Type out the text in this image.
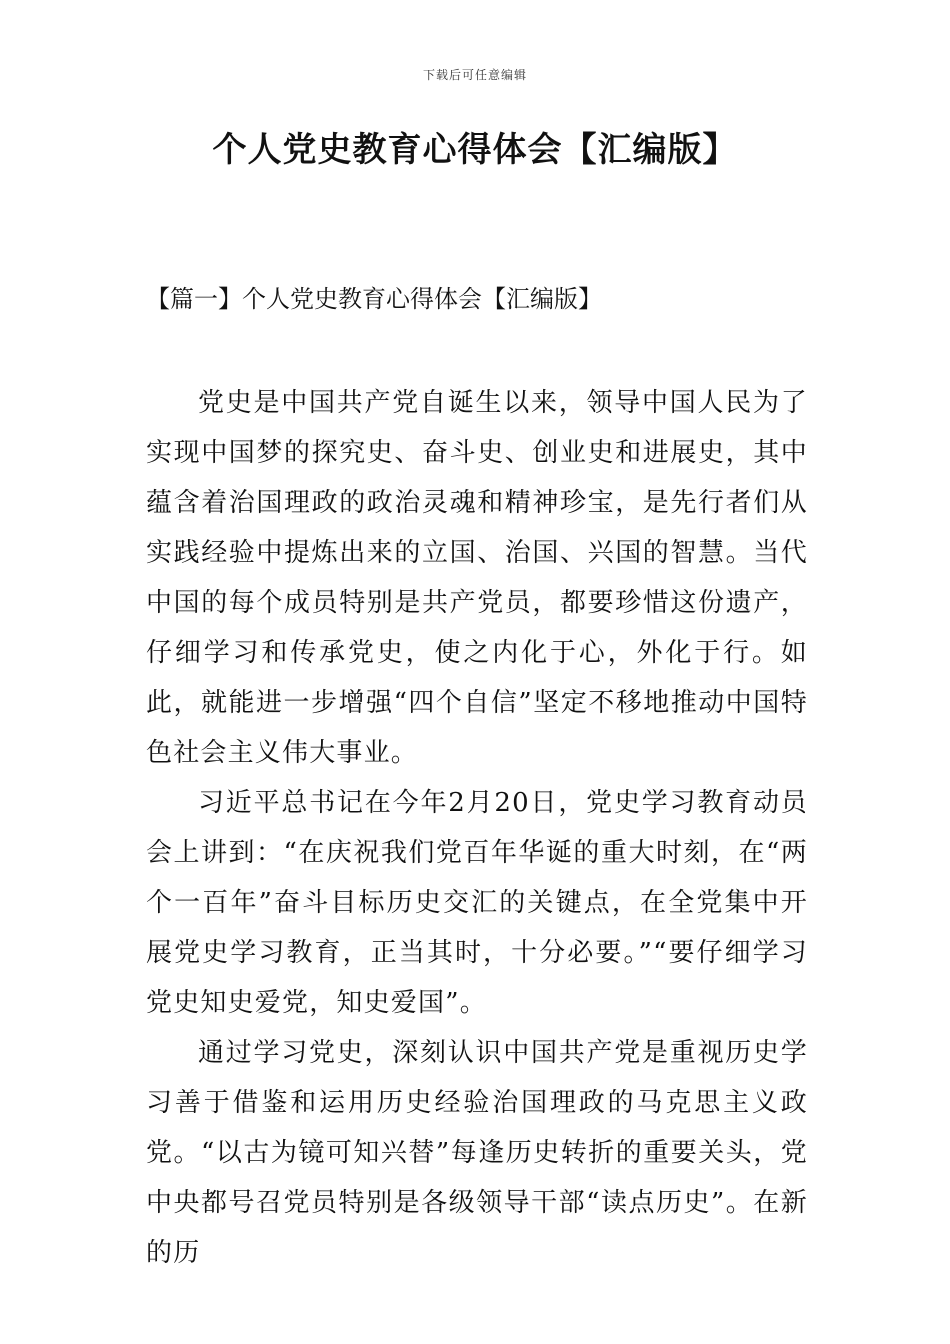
下载后可任意编辑
个人党史教育心得体会【汇编版】
【篇一】个人党史教育心得体会【汇编版】

党史是中国共产党自诞生以来，领导中国人民为了实现中国梦的探究史、奋斗史、创业史和进展史，其中蕴含着治国理政的政治灵魂和精神珍宝，是先行者们从实践经验中提炼出来的立国、治国、兴国的智慧。当代中国的每个成员特别是共产党员，都要珍惜这份遗产，仔细学习和传承党史，使之内化于心，外化于行。如此，就能进一步增强“四个自信”坚定不移地推动中国特色社会主义伟大事业。

习近平总书记在今年2月20日，党史学习教育动员会上讲到：“在庆祝我们党百年华诞的重大时刻，在“两个一百年”奋斗目标历史交汇的关键点，在全党集中开展党史学习教育，正当其时，十分必要。”“要仔细学习党史知史爱党，知史爱国”。

通过学习党史，深刻认识中国共产党是重视历史学习善于借鉴和运用历史经验治国理政的马克思主义政党。“以古为镜可知兴替”每逢历史转折的重要关头，党中央都号召党员特别是各级领导干部“读点历史”。在新的历
